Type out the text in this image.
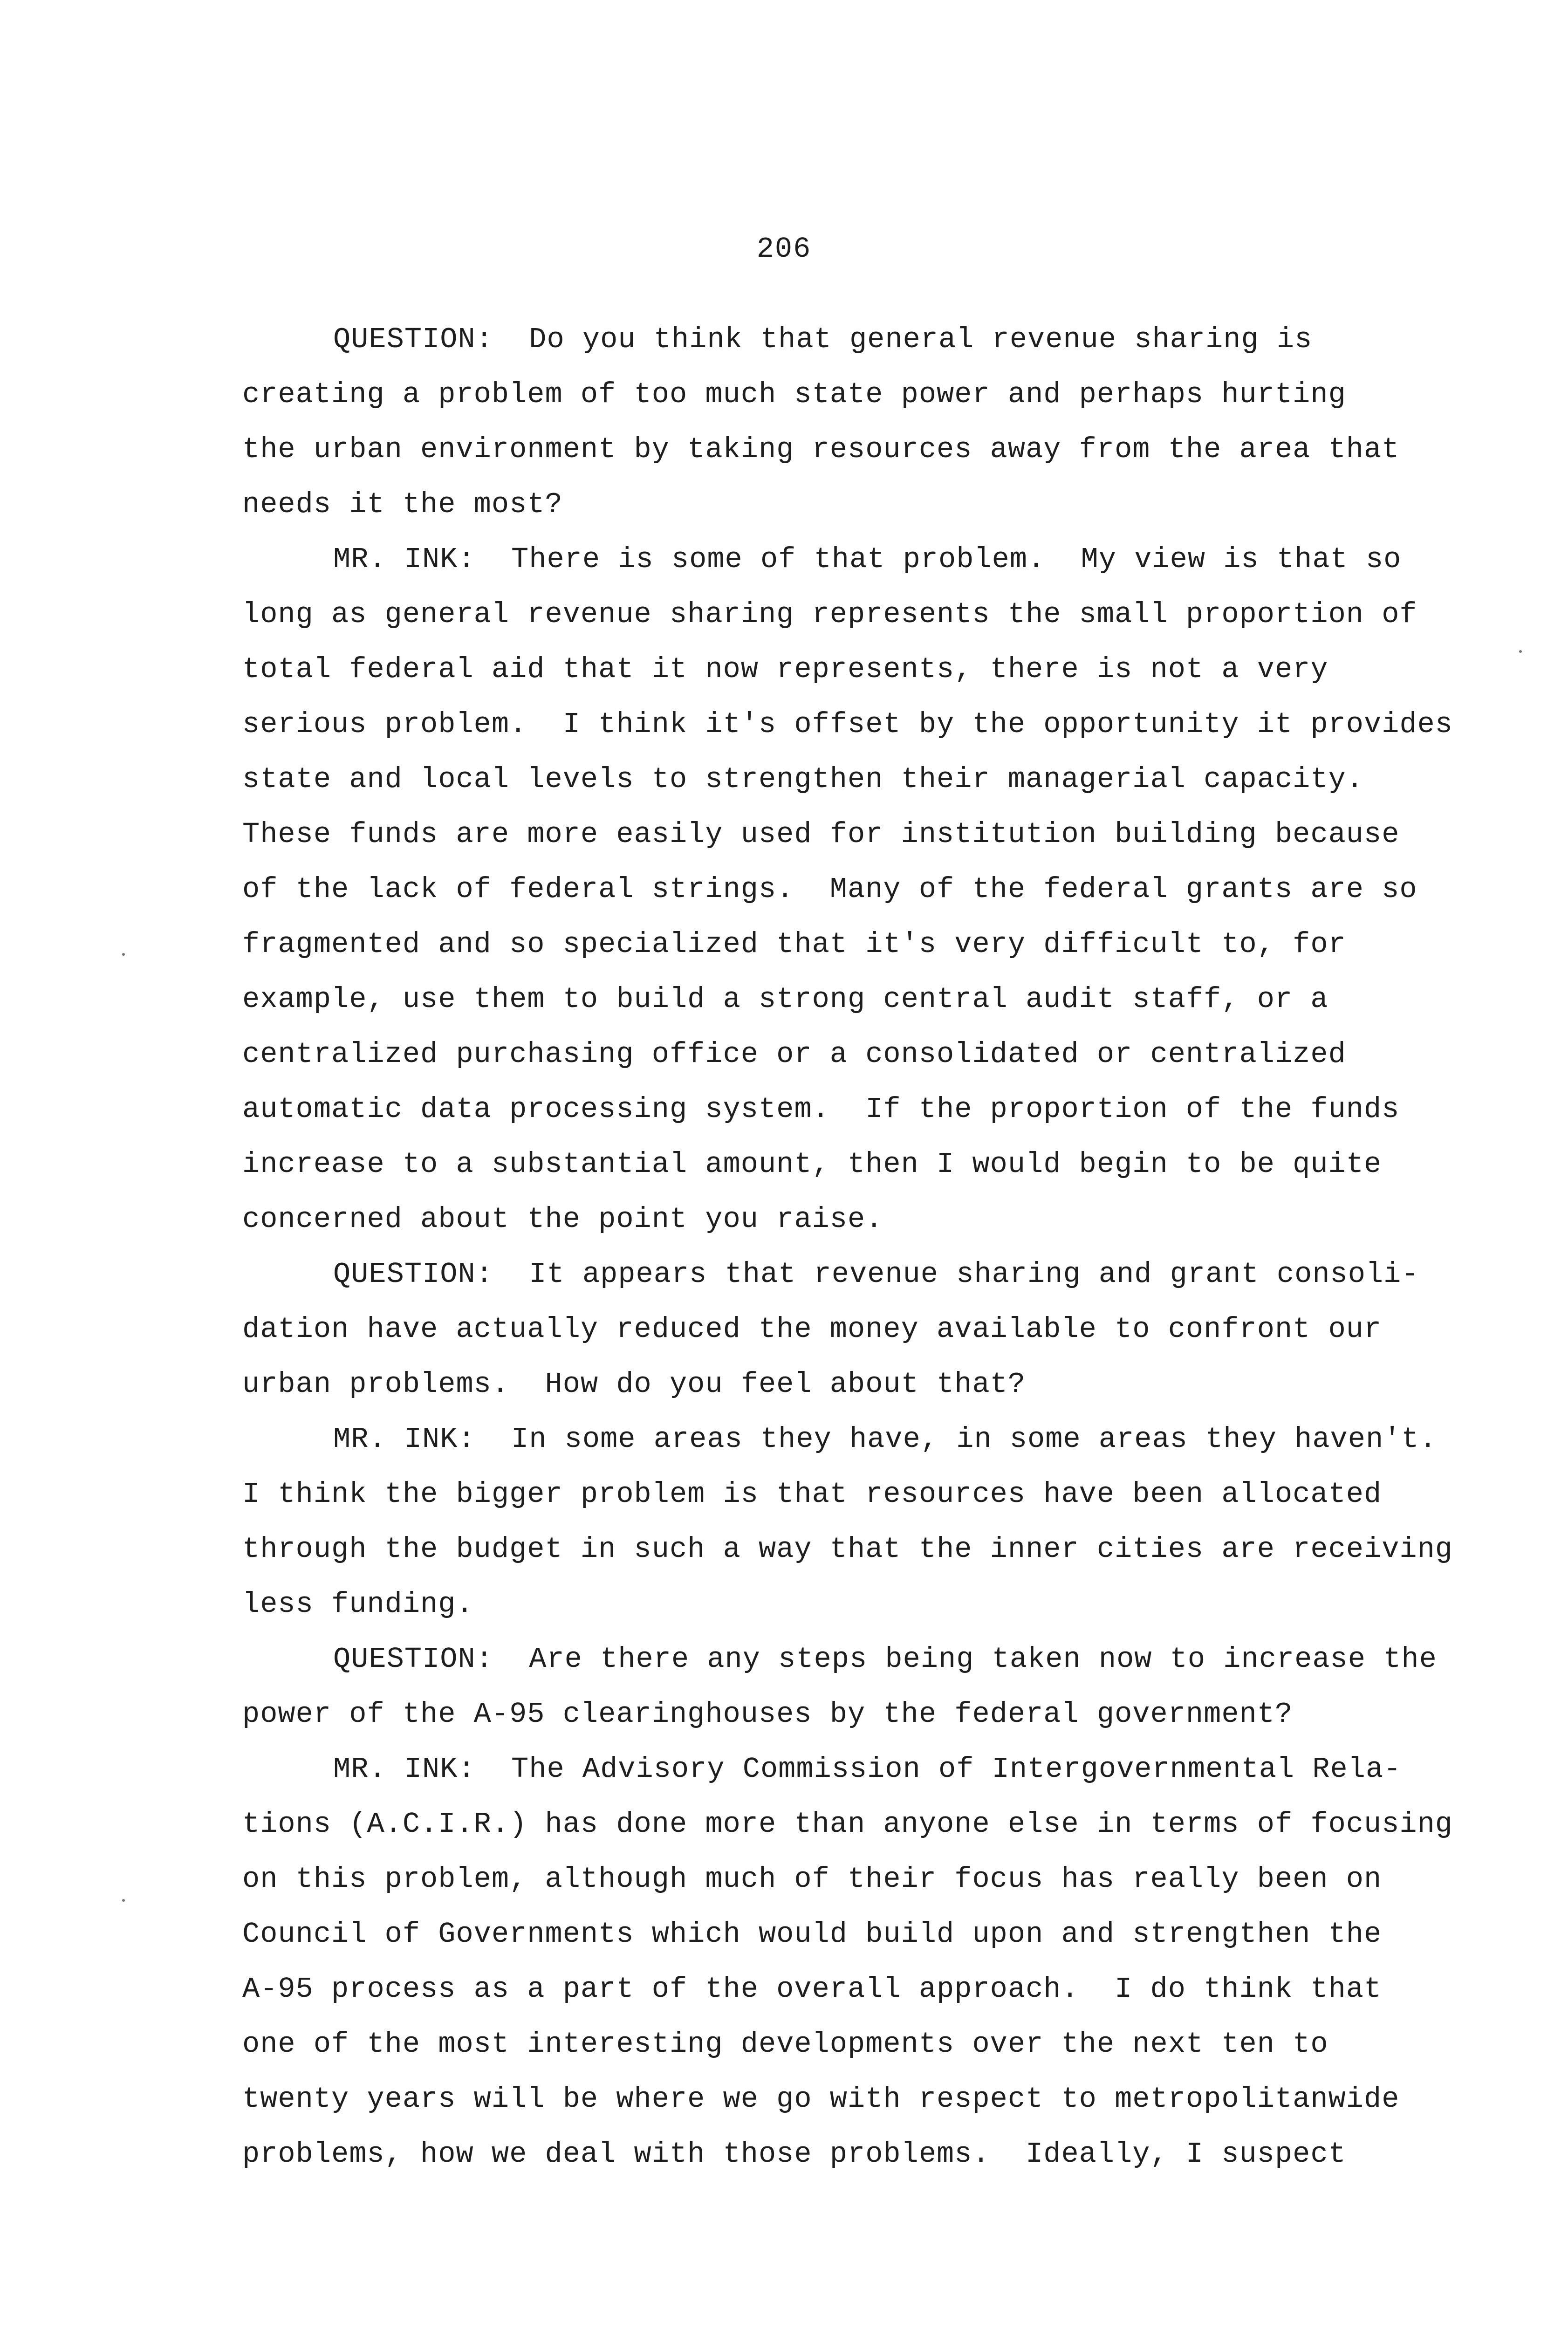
206
QUESTION:  Do you think that general revenue sharing is
creating a problem of too much state power and perhaps hurting
the urban environment by taking resources away from the area that
needs it the most?
MR. INK:  There is some of that problem.  My view is that so
long as general revenue sharing represents the small proportion of
total federal aid that it now represents, there is not a very
serious problem.  I think it's offset by the opportunity it provides
state and local levels to strengthen their managerial capacity.
These funds are more easily used for institution building because
of the lack of federal strings.  Many of the federal grants are so
fragmented and so specialized that it's very difficult to, for
example, use them to build a strong central audit staff, or a
centralized purchasing office or a consolidated or centralized
automatic data processing system.  If the proportion of the funds
increase to a substantial amount, then I would begin to be quite
concerned about the point you raise.
QUESTION:  It appears that revenue sharing and grant consoli-
dation have actually reduced the money available to confront our
urban problems.  How do you feel about that?
MR. INK:  In some areas they have, in some areas they haven't.
I think the bigger problem is that resources have been allocated
through the budget in such a way that the inner cities are receiving
less funding.
QUESTION:  Are there any steps being taken now to increase the
power of the A-95 clearinghouses by the federal government?
MR. INK:  The Advisory Commission of Intergovernmental Rela-
tions (A.C.I.R.) has done more than anyone else in terms of focusing
on this problem, although much of their focus has really been on
Council of Governments which would build upon and strengthen the
A-95 process as a part of the overall approach.  I do think that
one of the most interesting developments over the next ten to
twenty years will be where we go with respect to metropolitanwide
problems, how we deal with those problems.  Ideally, I suspect
